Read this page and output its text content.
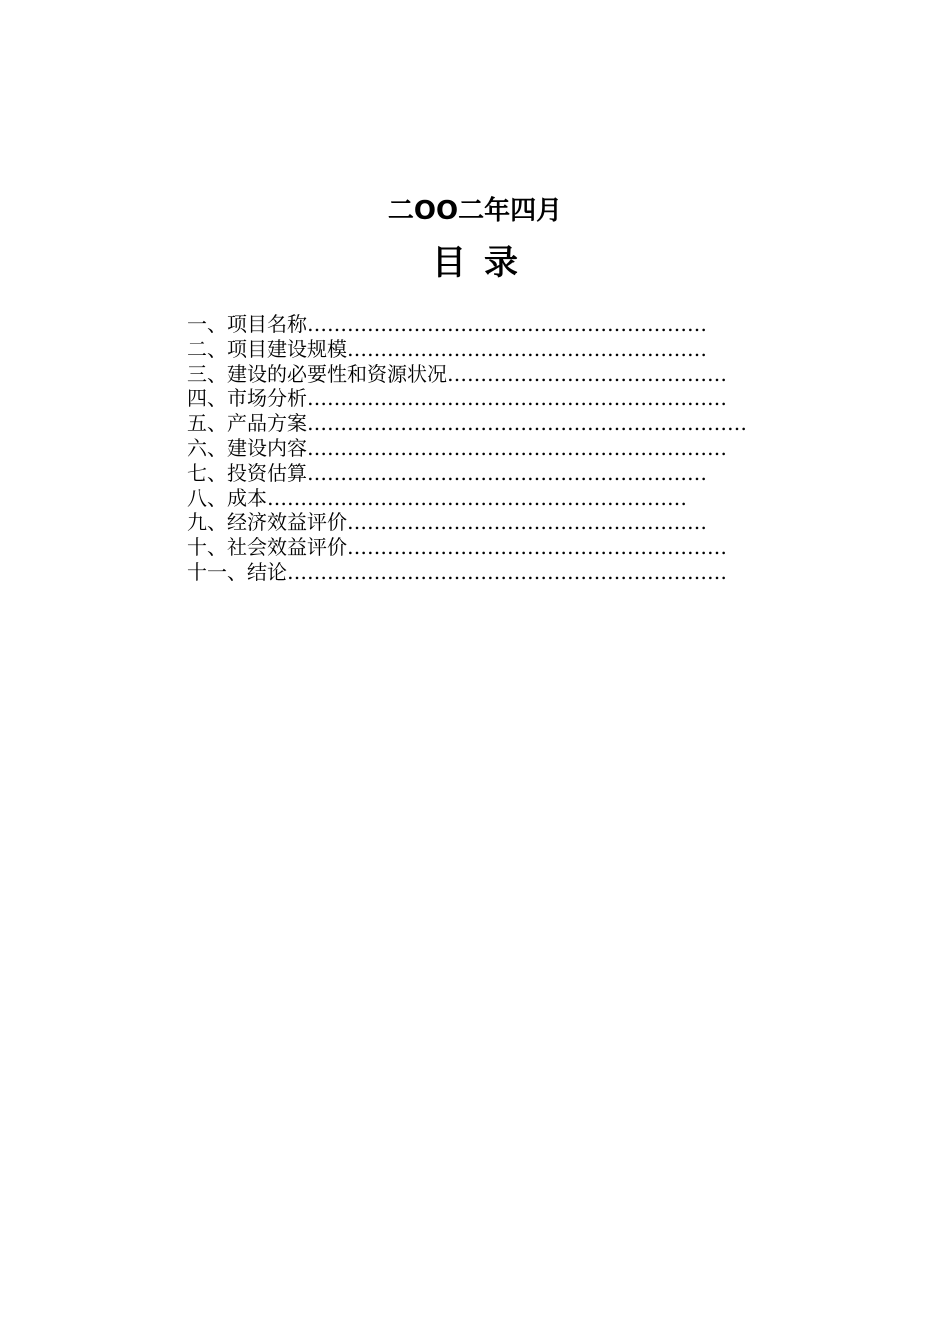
二OO二年四月
目录
一、项目名称……………………………………………………
二、项目建设规模………………………………………………
三、建设的必要性和资源状况……………………………………
四、市场分析………………………………………………………
五、产品方案…………………………………………………………
六、建设内容………………………………………………………
七、投资估算……………………………………………………
八、成本………………………………………………………
九、经济效益评价………………………………………………
十、社会效益评价…………………………………………………
十一、结论…………………………………………………………
